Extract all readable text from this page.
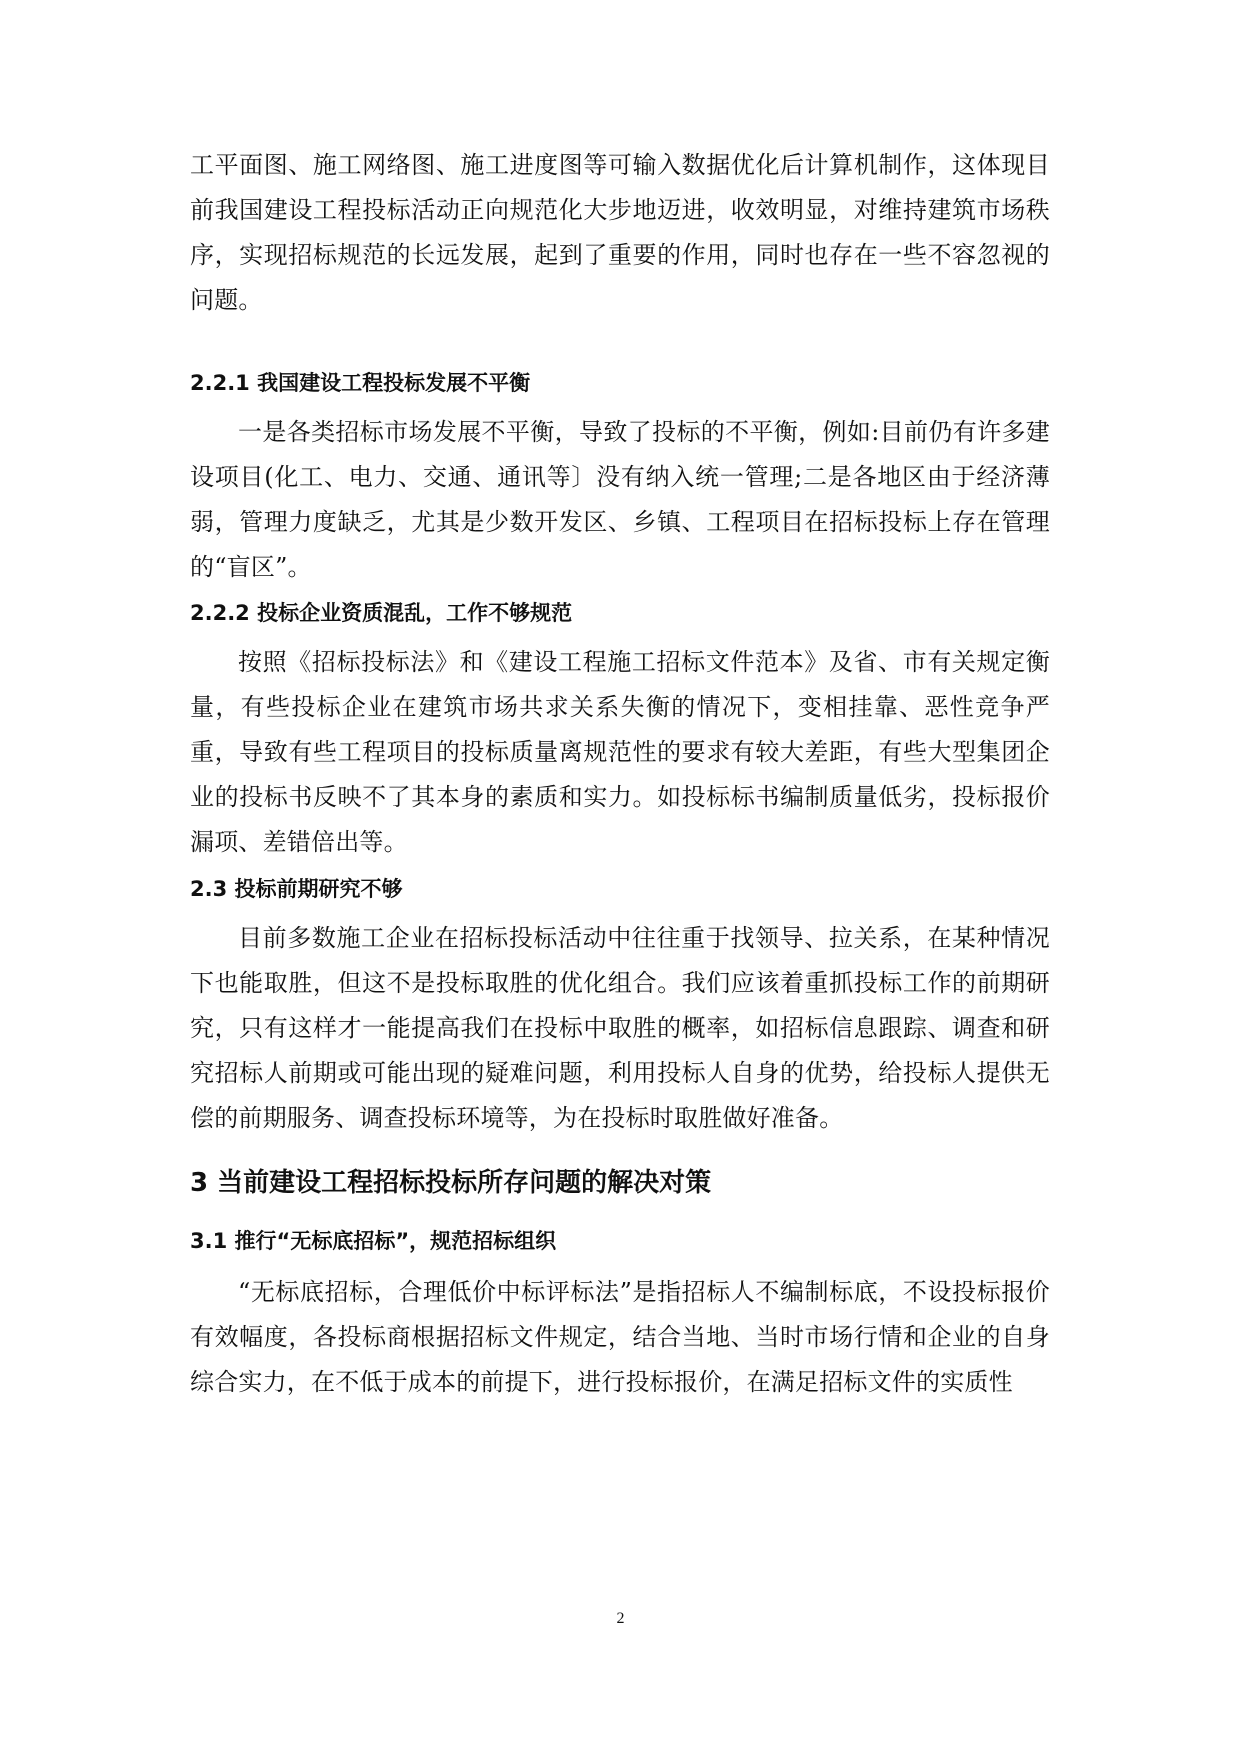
工平面图、施工网络图、施工进度图等可输入数据优化后计算机制作，这体现目前我国建设工程投标活动正向规范化大步地迈进，收效明显，对维持建筑市场秩序，实现招标规范的长远发展，起到了重要的作用，同时也存在一些不容忽视的问题。

2.2.1 我国建设工程投标发展不平衡

一是各类招标市场发展不平衡，导致了投标的不平衡，例如:目前仍有许多建设项目(化工、电力、交通、通讯等〕没有纳入统一管理;二是各地区由于经济薄弱，管理力度缺乏，尤其是少数开发区、乡镇、工程项目在招标投标上存在管理的“盲区”。

2.2.2 投标企业资质混乱，工作不够规范

按照《招标投标法》和《建设工程施工招标文件范本》及省、市有关规定衡量，有些投标企业在建筑市场共求关系失衡的情况下，变相挂靠、恶性竞争严重，导致有些工程项目的投标质量离规范性的要求有较大差距，有些大型集团企业的投标书反映不了其本身的素质和实力。如投标标书编制质量低劣，投标报价漏项、差错倍出等。

2.3 投标前期研究不够

目前多数施工企业在招标投标活动中往往重于找领导、拉关系，在某种情况下也能取胜，但这不是投标取胜的优化组合。我们应该着重抓投标工作的前期研究，只有这样才一能提高我们在投标中取胜的概率，如招标信息跟踪、调查和研究招标人前期或可能出现的疑难问题，利用投标人自身的优势，给投标人提供无偿的前期服务、调查投标环境等，为在投标时取胜做好准备。

3 当前建设工程招标投标所存问题的解决对策
3.1 推行“无标底招标”，规范招标组织

“无标底招标，合理低价中标评标法”是指招标人不编制标底，不设投标报价有效幅度，各投标商根据招标文件规定，结合当地、当时市场行情和企业的自身综合实力，在不低于成本的前提下，进行投标报价，在满足招标文件的实质性

2
